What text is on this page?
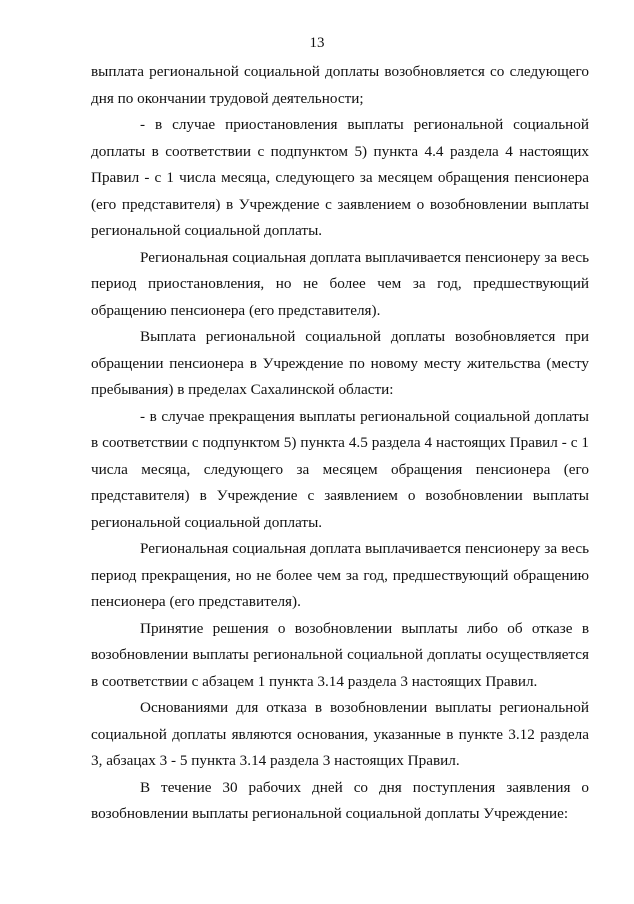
13

выплата региональной социальной доплаты возобновляется со следующего дня по окончании трудовой деятельности;

- в случае приостановления выплаты региональной социальной доплаты в соответствии с подпунктом 5) пункта 4.4 раздела 4 настоящих Правил - с 1 числа месяца, следующего за месяцем обращения пенсионера (его представителя) в Учреждение с заявлением о возобновлении выплаты региональной социальной доплаты.

Региональная социальная доплата выплачивается пенсионеру за весь период приостановления, но не более чем за год, предшествующий обращению пенсионера (его представителя).

Выплата региональной социальной доплаты возобновляется при обращении пенсионера в Учреждение по новому месту жительства (месту пребывания) в пределах Сахалинской области:

- в случае прекращения выплаты региональной социальной доплаты в соответствии с подпунктом 5) пункта 4.5 раздела 4 настоящих Правил - с 1 числа месяца, следующего за месяцем обращения пенсионера (его представителя) в Учреждение с заявлением о возобновлении выплаты региональной социальной доплаты.

Региональная социальная доплата выплачивается пенсионеру за весь период прекращения, но не более чем за год, предшествующий обращению пенсионера (его представителя).

Принятие решения о возобновлении выплаты либо об отказе в возобновлении выплаты региональной социальной доплаты осуществляется в соответствии с абзацем 1 пункта 3.14 раздела 3 настоящих Правил.

Основаниями для отказа в возобновлении выплаты региональной социальной доплаты являются основания, указанные в пункте 3.12 раздела 3, абзацах 3 - 5 пункта 3.14 раздела 3 настоящих Правил.

В течение 30 рабочих дней со дня поступления заявления о возобновлении выплаты региональной социальной доплаты Учреждение:
